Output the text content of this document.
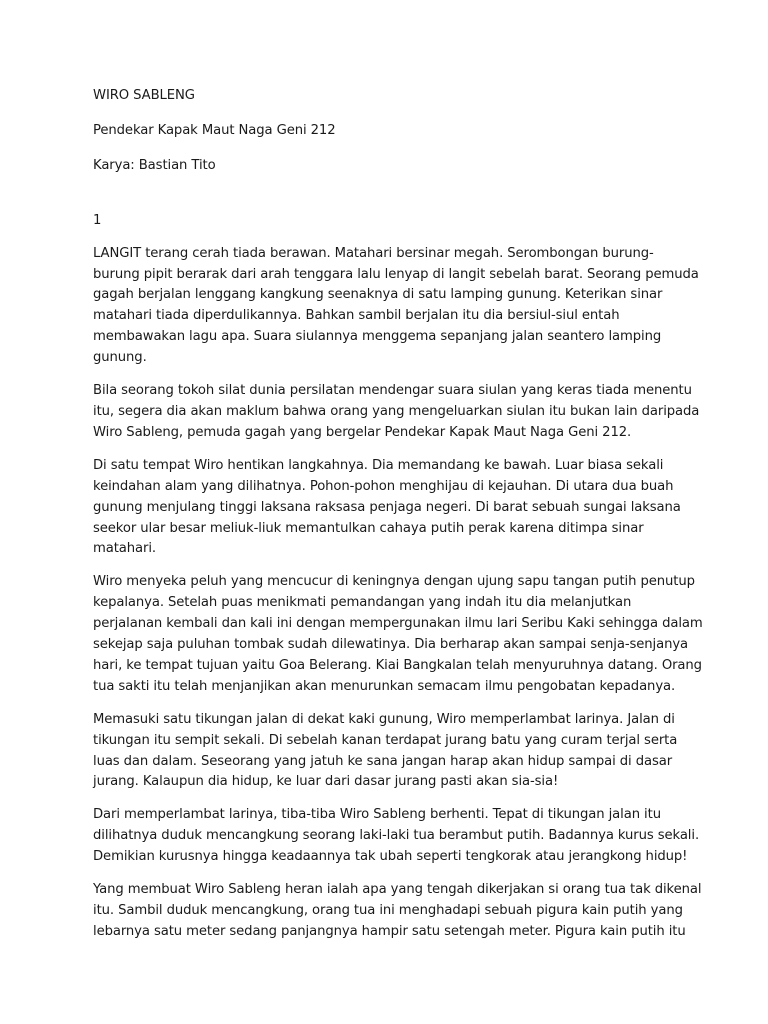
WIRO SABLENG

Pendekar Kapak Maut Naga Geni 212

Karya: Bastian Tito

1

LANGIT terang cerah tiada berawan. Matahari bersinar megah. Serombongan burung-
burung pipit berarak dari arah tenggara lalu lenyap di langit sebelah barat. Seorang pemuda
gagah berjalan lenggang kangkung seenaknya di satu lamping gunung. Keterikan sinar
matahari tiada diperdulikannya. Bahkan sambil berjalan itu dia bersiul-siul entah
membawakan lagu apa. Suara siulannya menggema sepanjang jalan seantero lamping
gunung.

Bila seorang tokoh silat dunia persilatan mendengar suara siulan yang keras tiada menentu
itu, segera dia akan maklum bahwa orang yang mengeluarkan siulan itu bukan lain daripada
Wiro Sableng, pemuda gagah yang bergelar Pendekar Kapak Maut Naga Geni 212.

Di satu tempat Wiro hentikan langkahnya. Dia memandang ke bawah. Luar biasa sekali
keindahan alam yang dilihatnya. Pohon-pohon menghijau di kejauhan. Di utara dua buah
gunung menjulang tinggi laksana raksasa penjaga negeri. Di barat sebuah sungai laksana
seekor ular besar meliuk-liuk memantulkan cahaya putih perak karena ditimpa sinar
matahari.

Wiro menyeka peluh yang mencucur di keningnya dengan ujung sapu tangan putih penutup
kepalanya. Setelah puas menikmati pemandangan yang indah itu dia melanjutkan
perjalanan kembali dan kali ini dengan mempergunakan ilmu lari Seribu Kaki sehingga dalam
sekejap saja puluhan tombak sudah dilewatinya. Dia berharap akan sampai senja-senjanya
hari, ke tempat tujuan yaitu Goa Belerang. Kiai Bangkalan telah menyuruhnya datang. Orang
tua sakti itu telah menjanjikan akan menurunkan semacam ilmu pengobatan kepadanya.

Memasuki satu tikungan jalan di dekat kaki gunung, Wiro memperlambat larinya. Jalan di
tikungan itu sempit sekali. Di sebelah kanan terdapat jurang batu yang curam terjal serta
luas dan dalam. Seseorang yang jatuh ke sana jangan harap akan hidup sampai di dasar
jurang. Kalaupun dia hidup, ke luar dari dasar jurang pasti akan sia-sia!

Dari memperlambat larinya, tiba-tiba Wiro Sableng berhenti. Tepat di tikungan jalan itu
dilihatnya duduk mencangkung seorang laki-laki tua berambut putih. Badannya kurus sekali.
Demikian kurusnya hingga keadaannya tak ubah seperti tengkorak atau jerangkong hidup!

Yang membuat Wiro Sableng heran ialah apa yang tengah dikerjakan si orang tua tak dikenal
itu. Sambil duduk mencangkung, orang tua ini menghadapi sebuah pigura kain putih yang
lebarnya satu meter sedang panjangnya hampir satu setengah meter. Pigura kain putih itu
